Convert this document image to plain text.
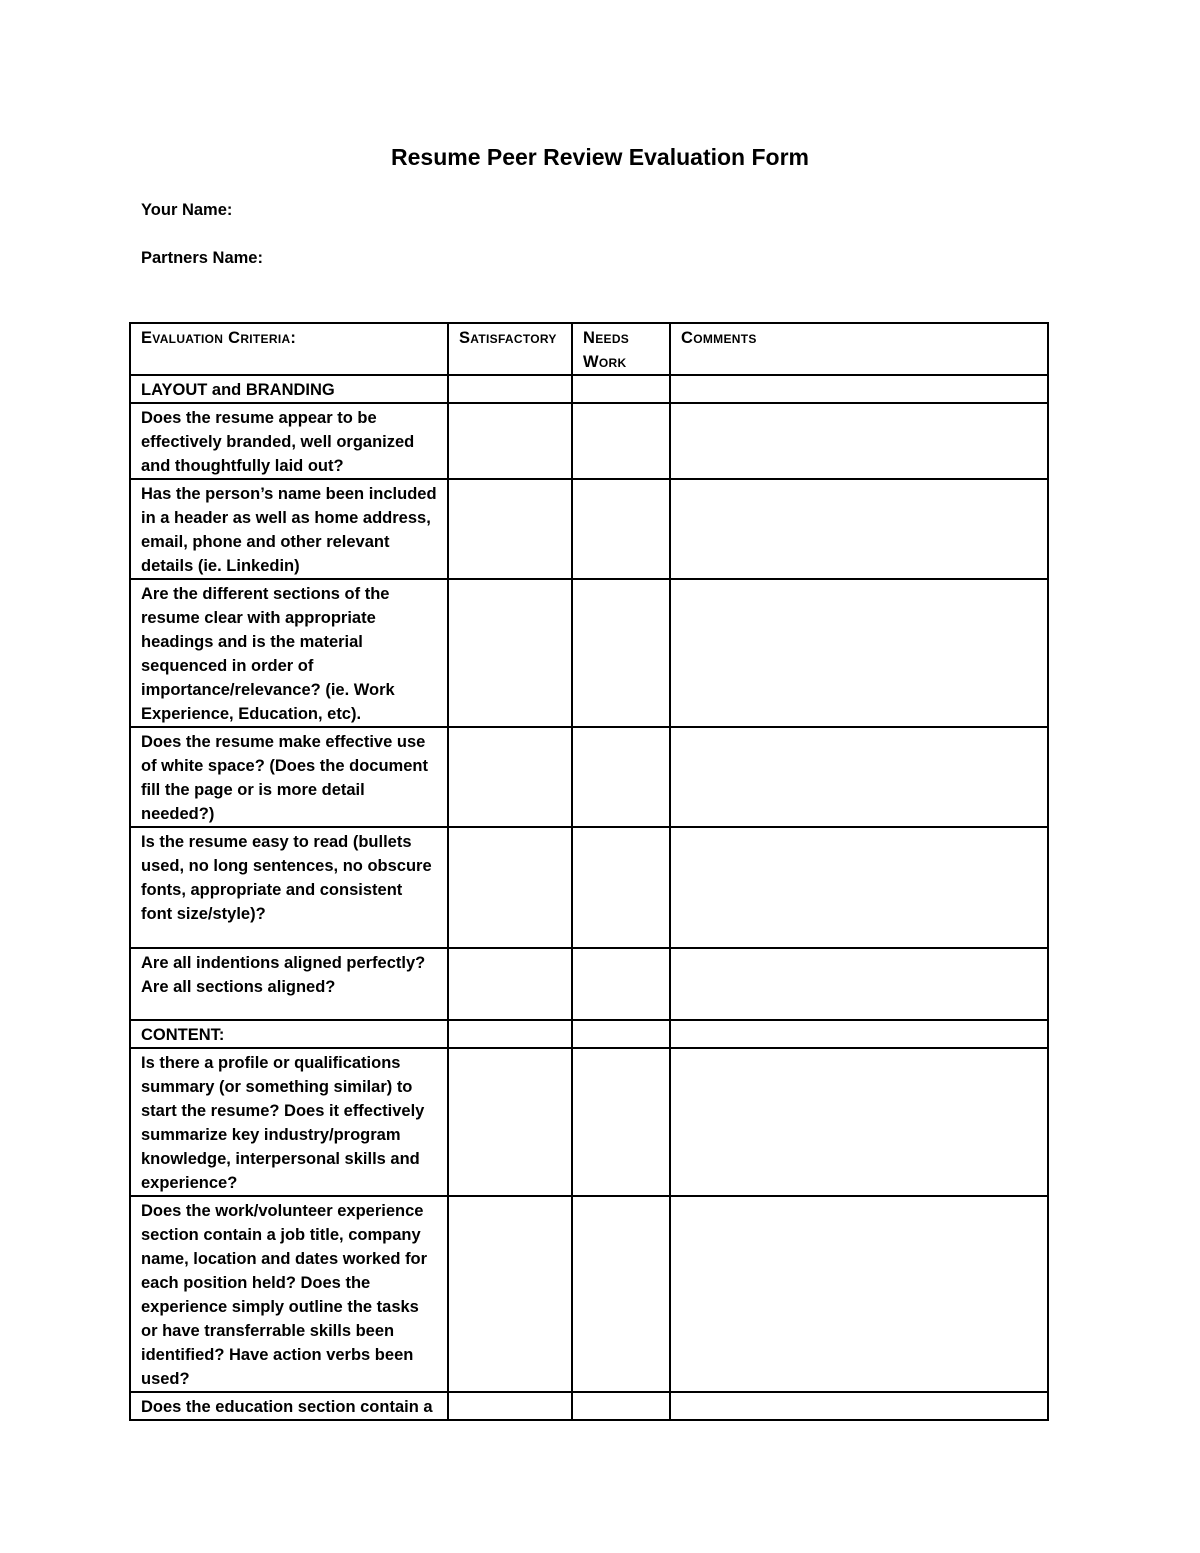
Resume Peer Review Evaluation Form
Your Name:
Partners Name:
Evaluation Criteria:	Satisfactory	Needs Work	Comments
LAYOUT and BRANDING			
Does the resume appear to be effectively branded, well organized and thoughtfully laid out?			
Has the person’s name been included in a header as well as home address, email, phone and other relevant details (ie. Linkedin)			
Are the different sections of the resume clear with appropriate headings and is the material sequenced in order of importance/relevance? (ie. Work Experience, Education, etc).			
Does the resume make effective use of white space? (Does the document fill the page or is more detail needed?)			
Is the resume easy to read (bullets used, no long sentences, no obscure fonts, appropriate and consistent font size/style)?			
Are all indentions aligned perfectly? Are all sections aligned?			
CONTENT:			
Is there a profile or qualifications summary (or something similar) to start the resume? Does it effectively summarize key industry/program knowledge, interpersonal skills and experience?			
Does the work/volunteer experience section contain a job title, company name, location and dates worked for each position held? Does the experience simply outline the tasks or have transferrable skills been identified? Have action verbs been used?			
Does the education section contain a			
